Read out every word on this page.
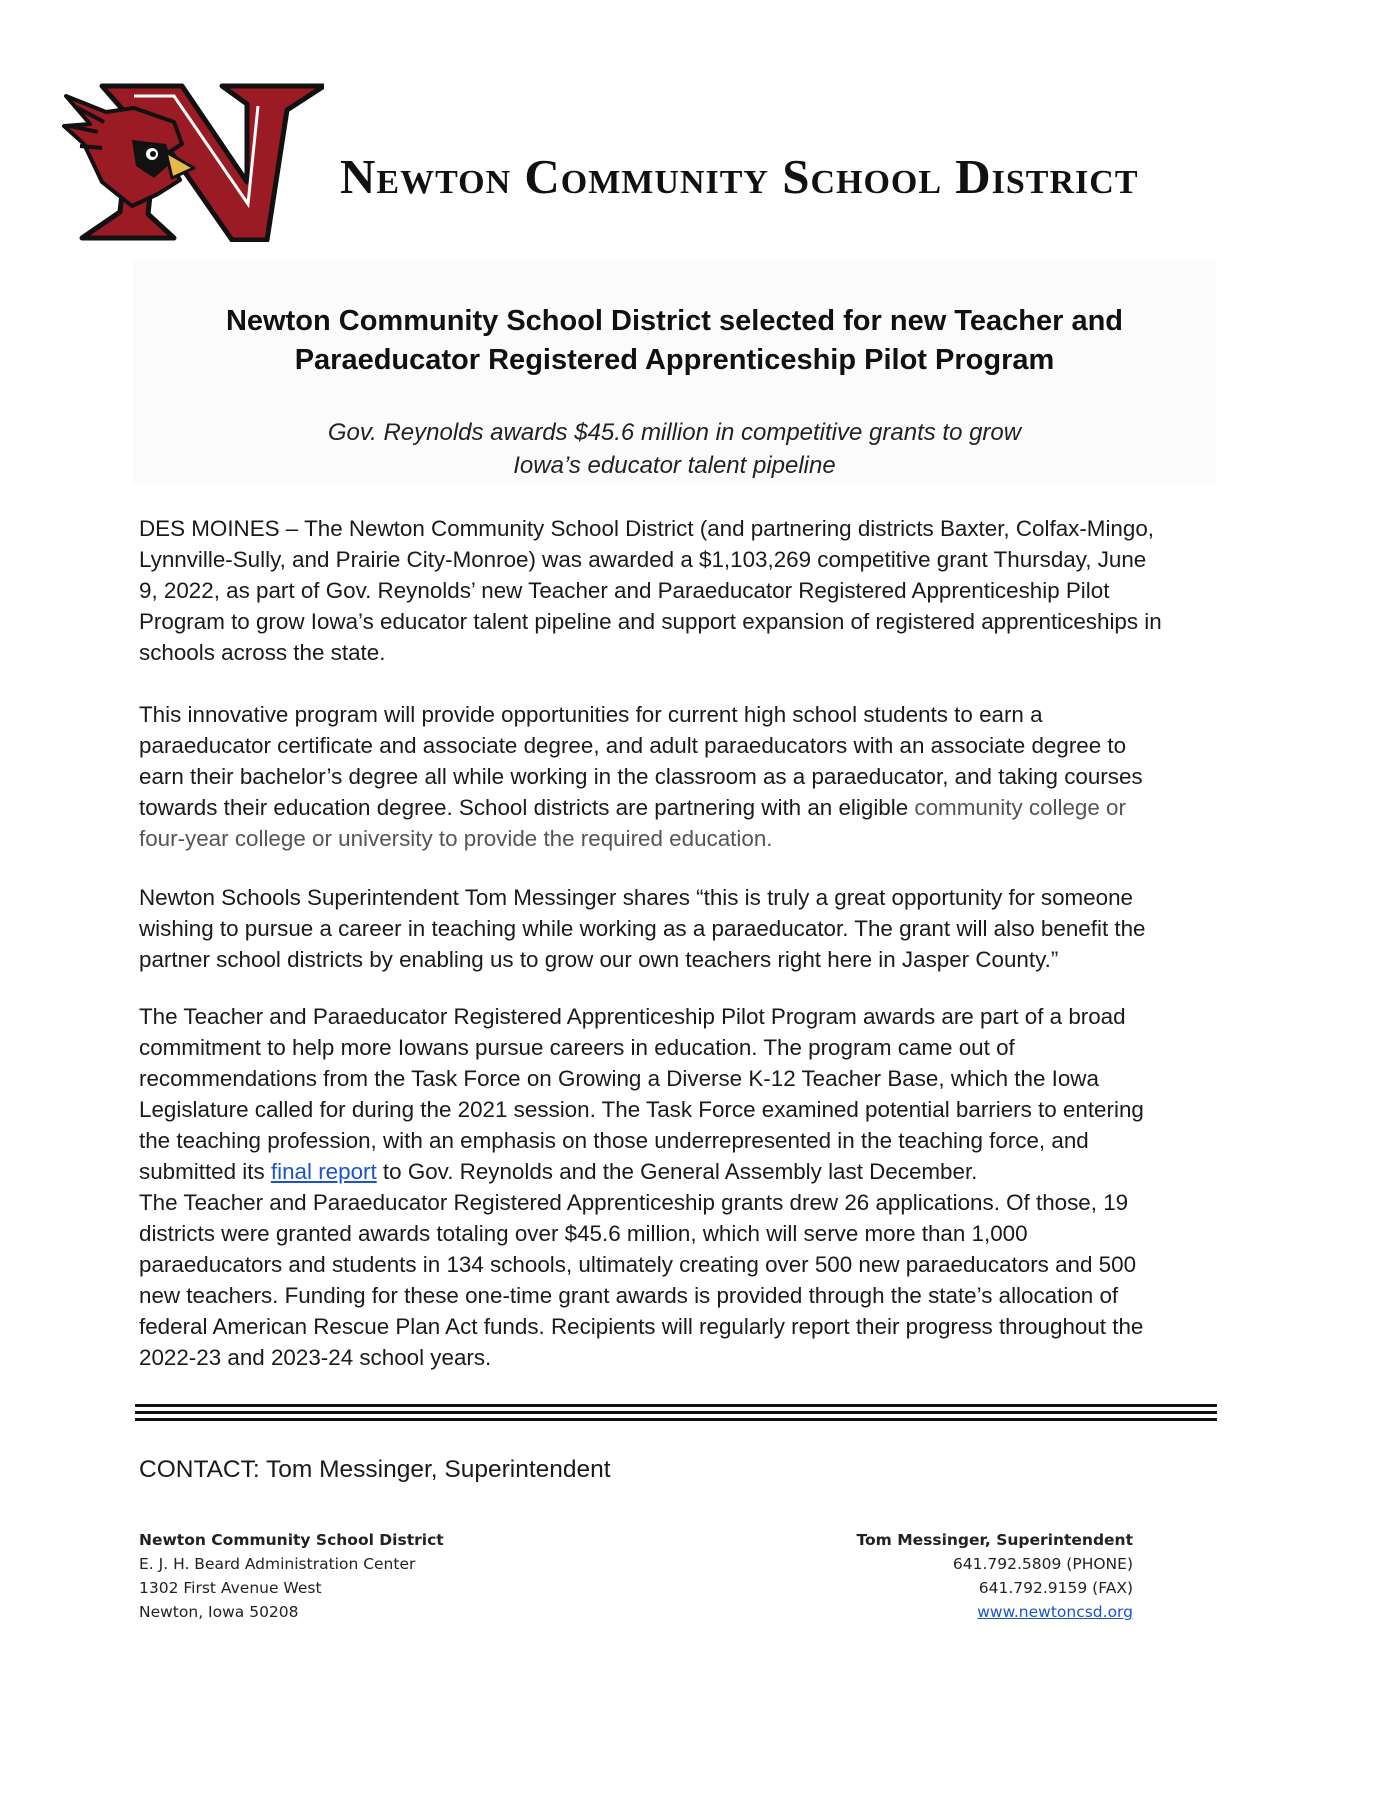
Newton Community School District
Newton Community School District selected for new Teacher and
Paraeducator Registered Apprenticeship Pilot Program
Gov. Reynolds awards $45.6 million in competitive grants to grow
Iowa’s educator talent pipeline
DES MOINES – The Newton Community School District (and partnering districts Baxter, Colfax-Mingo,
Lynnville-Sully, and Prairie City-Monroe) was awarded a $1,103,269 competitive grant Thursday, June
9, 2022, as part of Gov. Reynolds’ new Teacher and Paraeducator Registered Apprenticeship Pilot
Program to grow Iowa’s educator talent pipeline and support expansion of registered apprenticeships in
schools across the state.
This innovative program will provide opportunities for current high school students to earn a
paraeducator certificate and associate degree, and adult paraeducators with an associate degree to
earn their bachelor’s degree all while working in the classroom as a paraeducator, and taking courses
towards their education degree. School districts are partnering with an eligible community college or
four-year college or university to provide the required education.
Newton Schools Superintendent Tom Messinger shares “this is truly a great opportunity for someone
wishing to pursue a career in teaching while working as a paraeducator. The grant will also benefit the
partner school districts by enabling us to grow our own teachers right here in Jasper County.”
The Teacher and Paraeducator Registered Apprenticeship Pilot Program awards are part of a broad
commitment to help more Iowans pursue careers in education. The program came out of
recommendations from the Task Force on Growing a Diverse K-12 Teacher Base, which the Iowa
Legislature called for during the 2021 session. The Task Force examined potential barriers to entering
the teaching profession, with an emphasis on those underrepresented in the teaching force, and
submitted its final report to Gov. Reynolds and the General Assembly last December.
The Teacher and Paraeducator Registered Apprenticeship grants drew 26 applications. Of those, 19
districts were granted awards totaling over $45.6 million, which will serve more than 1,000
paraeducators and students in 134 schools, ultimately creating over 500 new paraeducators and 500
new teachers. Funding for these one-time grant awards is provided through the state’s allocation of
federal American Rescue Plan Act funds. Recipients will regularly report their progress throughout the
2022-23 and 2023-24 school years.
CONTACT: Tom Messinger, Superintendent
Newton Community School District
E. J. H. Beard Administration Center
1302 First Avenue West
Newton, Iowa 50208
Tom Messinger, Superintendent
641.792.5809 (PHONE)
641.792.9159 (FAX)
www.newtoncsd.org
